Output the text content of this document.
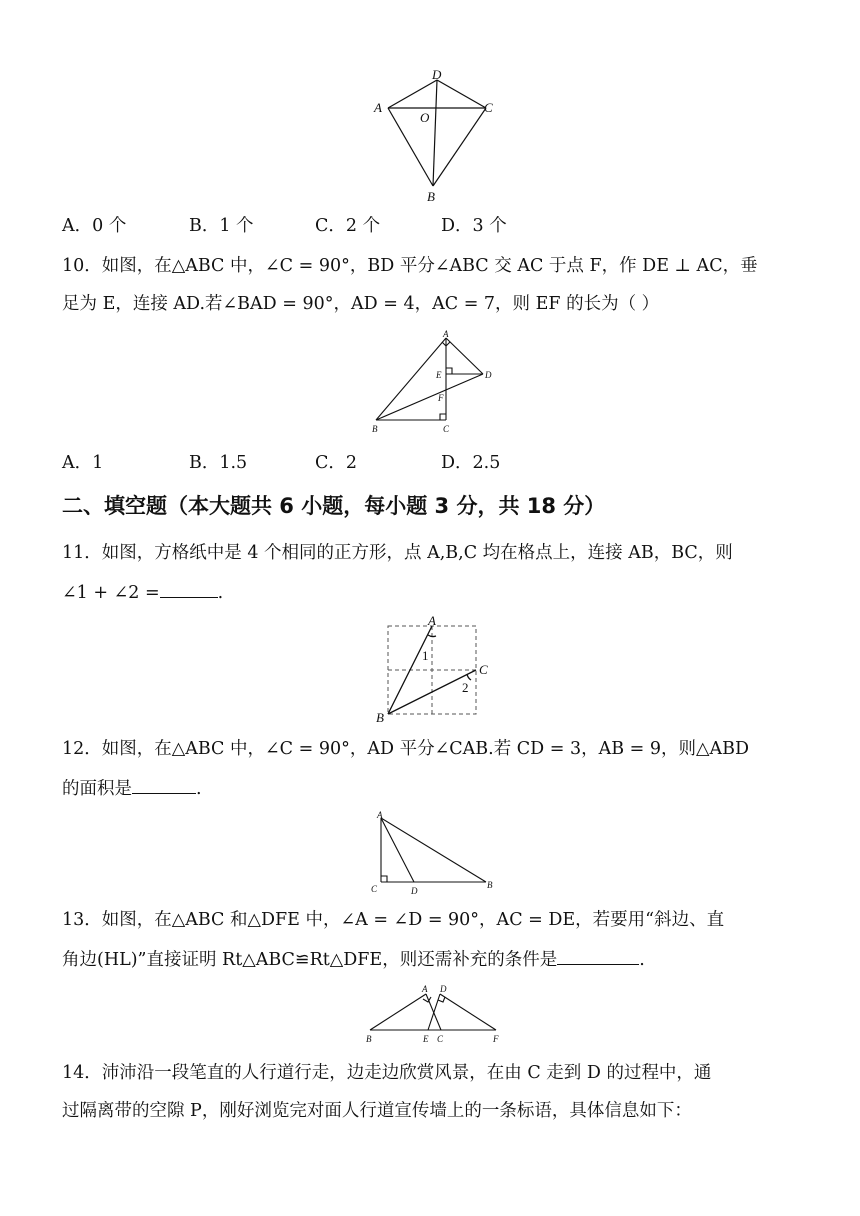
D
A
O
C
B
A．0 个	B．1 个	C．2 个	D．3 个
10．如图，在△ABC 中，∠C = 90°，BD 平分∠ABC 交 AC 于点 F，作 DE ⊥ AC，垂
足为 E，连接 AD.若∠BAD = 90°，AD = 4，AC = 7，则 EF 的长为（ ）
A
E	D
F
B	C
A．1	B．1.5	C．2	D．2.5
二、填空题（本大题共 6 小题，每小题 3 分，共 18 分）
11．如图，方格纸中是 4 个相同的正方形，点 A,B,C 均在格点上，连接 AB，BC，则
∠1 + ∠2 =	.
A
B
C
1
2
12．如图，在△ABC 中，∠C = 90°，AD 平分∠CAB.若 CD = 3，AB = 9，则△ABD
的面积是	.
A
C	D
B
13．如图，在△ABC 和△DFE 中，∠A = ∠D = 90°，AC = DE，若要用“斜边、直
角边(HL)”直接证明 Rt△ABC≌Rt△DFE，则还需补充的条件是	.
A D
B	E C	F
14．沛沛沿一段笔直的人行道行走，边走边欣赏风景，在由 C 走到 D 的过程中，通
过隔离带的空隙 P，刚好浏览完对面人行道宣传墙上的一条标语，具体信息如下：
